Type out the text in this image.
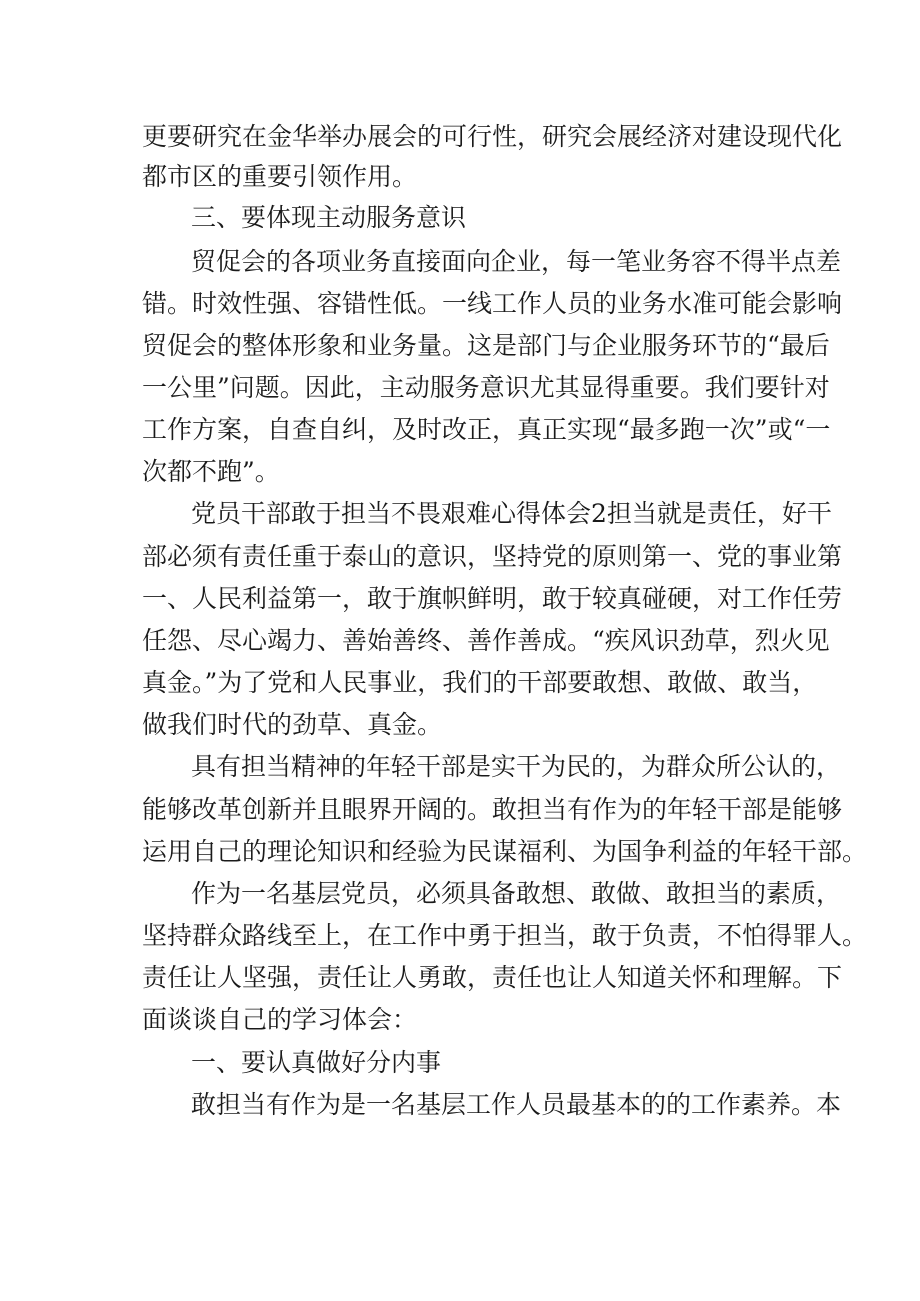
更要研究在金华举办展会的可行性，研究会展经济对建设现代化

都市区的重要引领作用。

三、要体现主动服务意识

贸促会的各项业务直接面向企业，每一笔业务容不得半点差

错。时效性强、容错性低。一线工作人员的业务水准可能会影响

贸促会的整体形象和业务量。这是部门与企业服务环节的“最后

一公里”问题。因此，主动服务意识尤其显得重要。我们要针对

工作方案，自查自纠，及时改正，真正实现“最多跑一次”或“一

次都不跑”。

党员干部敢于担当不畏艰难心得体会2担当就是责任，好干

部必须有责任重于泰山的意识，坚持党的原则第一、党的事业第

一、人民利益第一，敢于旗帜鲜明，敢于较真碰硬，对工作任劳

任怨、尽心竭力、善始善终、善作善成。“疾风识劲草，烈火见

真金。”为了党和人民事业，我们的干部要敢想、敢做、敢当，

做我们时代的劲草、真金。

具有担当精神的年轻干部是实干为民的，为群众所公认的，

能够改革创新并且眼界开阔的。敢担当有作为的年轻干部是能够

运用自己的理论知识和经验为民谋福利、为国争利益的年轻干部。

作为一名基层党员，必须具备敢想、敢做、敢担当的素质，

坚持群众路线至上，在工作中勇于担当，敢于负责，不怕得罪人。

责任让人坚强，责任让人勇敢，责任也让人知道关怀和理解。下

面谈谈自己的学习体会：

一、要认真做好分内事

敢担当有作为是一名基层工作人员最基本的的工作素养。本
